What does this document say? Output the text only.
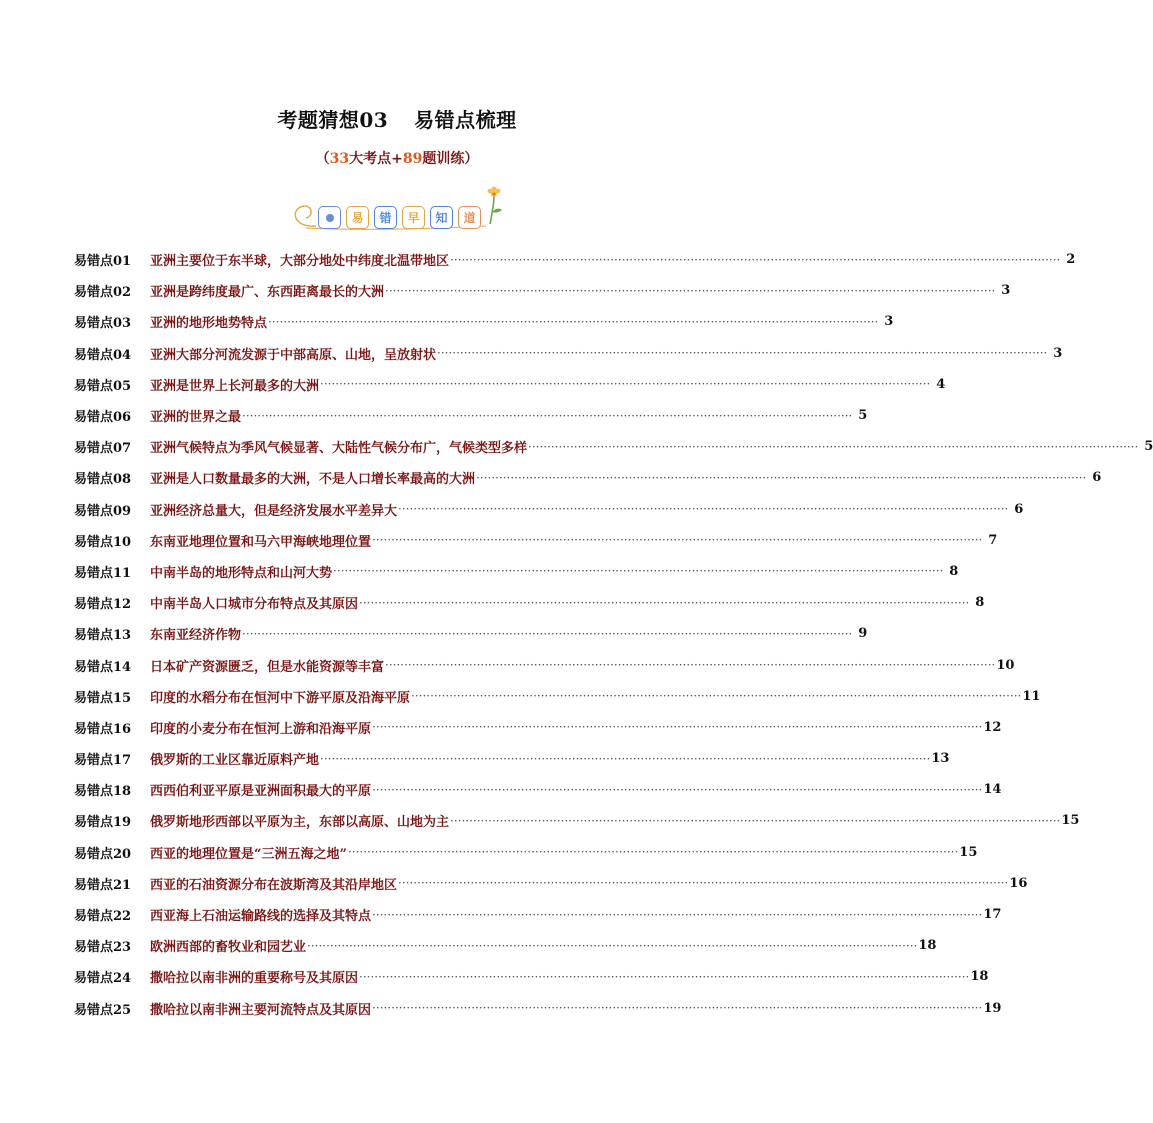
考题猜想03 易错点梳理
（33大考点+89题训练）
易	错	早	知	道
易错点01	亚洲主要位于东半球，大部分地处中纬度北温带地区 ································································································································································ 2
易错点02	亚洲是跨纬度最广、东西距离最长的大洲 ································································································································································ 3
易错点03	亚洲的地形地势特点 ································································································································································ 3
易错点04	亚洲大部分河流发源于中部高原、山地，呈放射状 ································································································································································ 3
易错点05	亚洲是世界上长河最多的大洲 ································································································································································ 4
易错点06	亚洲的世界之最 ································································································································································ 5
易错点07	亚洲气候特点为季风气候显著、大陆性气候分布广，气候类型多样 ································································································································································ 5
易错点08	亚洲是人口数量最多的大洲，不是人口增长率最高的大洲 ································································································································································ 6
易错点09	亚洲经济总量大，但是经济发展水平差异大 ································································································································································ 6
易错点10	东南亚地理位置和马六甲海峡地理位置 ································································································································································ 7
易错点11	中南半岛的地形特点和山河大势 ································································································································································ 8
易错点12	中南半岛人口城市分布特点及其原因 ································································································································································ 8
易错点13	东南亚经济作物 ································································································································································ 9
易错点14	日本矿产资源匮乏，但是水能资源等丰富 ································································································································································ 10
易错点15	印度的水稻分布在恒河中下游平原及沿海平原 ································································································································································ 11
易错点16	印度的小麦分布在恒河上游和沿海平原 ································································································································································ 12
易错点17	俄罗斯的工业区靠近原料产地 ································································································································································ 13
易错点18	西西伯利亚平原是亚洲面积最大的平原 ································································································································································ 14
易错点19	俄罗斯地形西部以平原为主，东部以高原、山地为主 ································································································································································ 15
易错点20	西亚的地理位置是“三洲五海之地” ································································································································································ 15
易错点21	西亚的石油资源分布在波斯湾及其沿岸地区 ································································································································································ 16
易错点22	西亚海上石油运输路线的选择及其特点 ································································································································································ 17
易错点23	欧洲西部的畜牧业和园艺业 ································································································································································ 18
易错点24	撒哈拉以南非洲的重要称号及其原因 ································································································································································ 18
易错点25	撒哈拉以南非洲主要河流特点及其原因 ································································································································································ 19
